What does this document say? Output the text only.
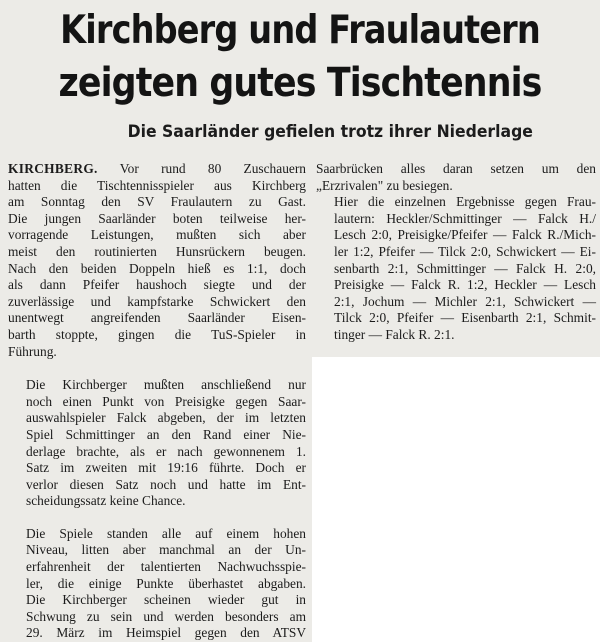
Kirchberg und Fraulautern
zeigten gutes Tischtennis
Die Saarländer gefielen trotz ihrer Niederlage

KIRCHBERG. Vor rund 80 Zuschauern
hatten die Tischtennisspieler aus Kirchberg
am Sonntag den SV Fraulautern zu Gast.
Die jungen Saarländer boten teilweise her-
vorragende Leistungen, mußten sich aber
meist den routinierten Hunsrückern beugen.
Nach den beiden Doppeln hieß es 1:1, doch
als dann Pfeifer haushoch siegte und der
zuverlässige und kampfstarke Schwickert den
unentwegt angreifenden Saarländer Eisen-
barth stoppte, gingen die TuS-Spieler in
Führung.

Die Kirchberger mußten anschließend nur
noch einen Punkt von Preisigke gegen Saar-
auswahlspieler Falck abgeben, der im letzten
Spiel Schmittinger an den Rand einer Nie-
derlage brachte, als er nach gewonnenem 1.
Satz im zweiten mit 19:16 führte. Doch er
verlor diesen Satz noch und hatte im Ent-
scheidungssatz keine Chance.

Die Spiele standen alle auf einem hohen
Niveau, litten aber manchmal an der Un-
erfahrenheit der talentierten Nachwuchsspie-
ler, die einige Punkte überhastet abgaben.
Die Kirchberger scheinen wieder gut in
Schwung zu sein und werden besonders am
29. März im Heimspiel gegen den ATSV

Saarbrücken alles daran setzen um den
„Erzrivalen" zu besiegen.

Hier die einzelnen Ergebnisse gegen Frau-
lautern: Heckler/Schmittinger — Falck H./
Lesch 2:0, Preisigke/Pfeifer — Falck R./Mich-
ler 1:2, Pfeifer — Tilck 2:0, Schwickert — Ei-
senbarth 2:1, Schmittinger — Falck H. 2:0,
Preisigke — Falck R. 1:2, Heckler — Lesch
2:1, Jochum — Michler 2:1, Schwickert —
Tilck 2:0, Pfeifer — Eisenbarth 2:1, Schmit-
tinger — Falck R. 2:1.
